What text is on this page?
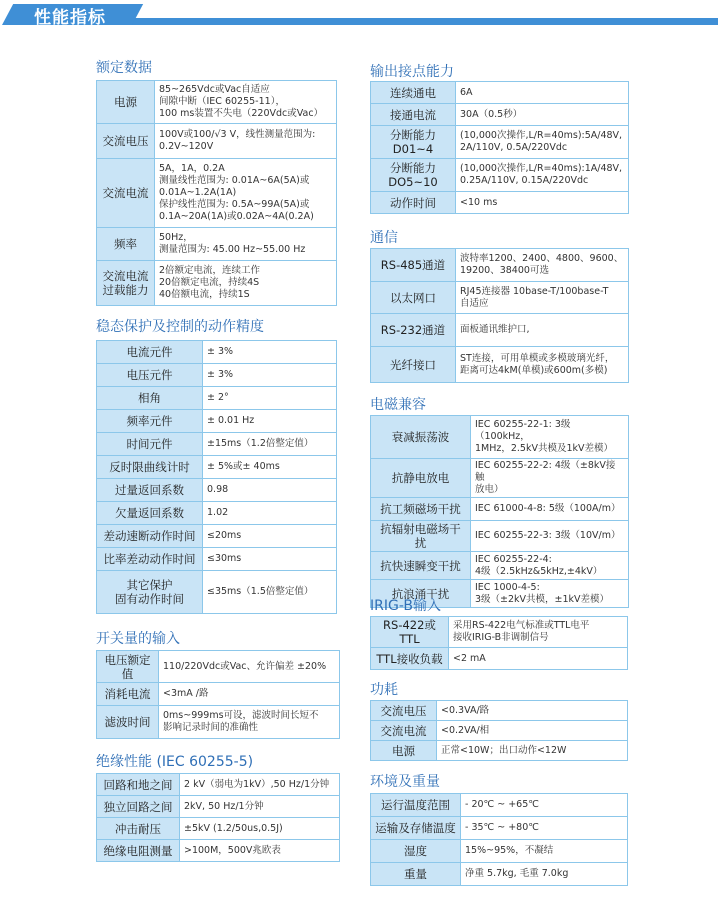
性能指标
额定数据
电源	85~265Vdc或Vac自适应
间隙中断（IEC 60255-11），
100 ms装置不失电（220Vdc或Vac）
交流电压	100V或100/√3 V，线性测量范围为:
0.2V~120V
交流电流	5A，1A，0.2A
测量线性范围为: 0.01A~6A(5A)或
0.01A~1.2A(1A)
保护线性范围为: 0.5A~99A(5A)或
0.1A~20A(1A)或0.02A~4A(0.2A)
频率	50Hz，
测量范围为: 45.00 Hz~55.00 Hz
交流电流
过载能力	2倍额定电流，连续工作
20倍额定电流，持续4S
40倍额电流，持续1S
稳态保护及控制的动作精度
电流元件	± 3%
电压元件	± 3%
相角	± 2°
频率元件	± 0.01 Hz
时间元件	±15ms（1.2倍整定值）
反时限曲线计时	± 5%或± 40ms
过量返回系数	0.98
欠量返回系数	1.02
差动速断动作时间	≤20ms
比率差动动作时间	≤30ms
其它保护
固有动作时间	≤35ms（1.5倍整定值）
开关量的输入
电压额定值	110/220Vdc或Vac、允许偏差 ±20%
消耗电流	<3mA /路
滤波时间	0ms~999ms可设，滤波时间长短不
影响记录时间的准确性
绝缘性能 (IEC 60255-5)
回路和地之间	2 kV（弱电为1kV）,50 Hz/1分钟
独立回路之间	2kV, 50 Hz/1分钟
冲击耐压	±5kV (1.2/50us,0.5J)
绝缘电阻测量	>100M，500V兆欧表
输出接点能力
连续通电	6A
接通电流	30A（0.5秒）
分断能力
D01~4	(10,000次操作,L/R=40ms):5A/48V,
2A/110V, 0.5A/220Vdc
分断能力
DO5~10	(10,000次操作,L/R=40ms):1A/48V,
0.25A/110V, 0.15A/220Vdc
动作时间	<10 ms
通信
RS-485通道	波特率1200、2400、4800、9600、
19200、38400可选
以太网口	RJ45连接器 10base-T/100base-T
自适应
RS-232通道	面板通讯维护口,
光纤接口	ST连接，可用单模或多模玻璃光纤，
距离可达4kM(单模)或600m(多模)
电磁兼容
衰减振荡波	IEC 60255-22-1: 3级（100kHz，
1MHz，2.5kV共模及1kV差模）
抗静电放电	IEC 60255-22-2: 4级（±8kV接触
放电）
抗工频磁场干扰	IEC 61000-4-8: 5级（100A/m）
抗辐射电磁场干扰	IEC 60255-22-3: 3级（10V/m）
抗快速瞬变干扰	IEC 60255-22-4:
4级（2.5kHz&5kHz,±4kV）
抗浪涌干扰	IEC 1000-4-5:
3级（±2kV共模，±1kV差模）
IRIG-B输入
RS-422或TTL	采用RS-422电气标准或TTL电平
接收IRIG-B非调制信号
TTL接收负载	<2 mA
功耗
交流电压	<0.3VA/路
交流电流	<0.2VA/相
电源	正常<10W；出口动作<12W
环境及重量
运行温度范围	- 20℃ ~ +65℃
运输及存储温度	- 35℃ ~ +80℃
湿度	15%~95%，不凝结
重量	净重 5.7kg, 毛重 7.0kg
